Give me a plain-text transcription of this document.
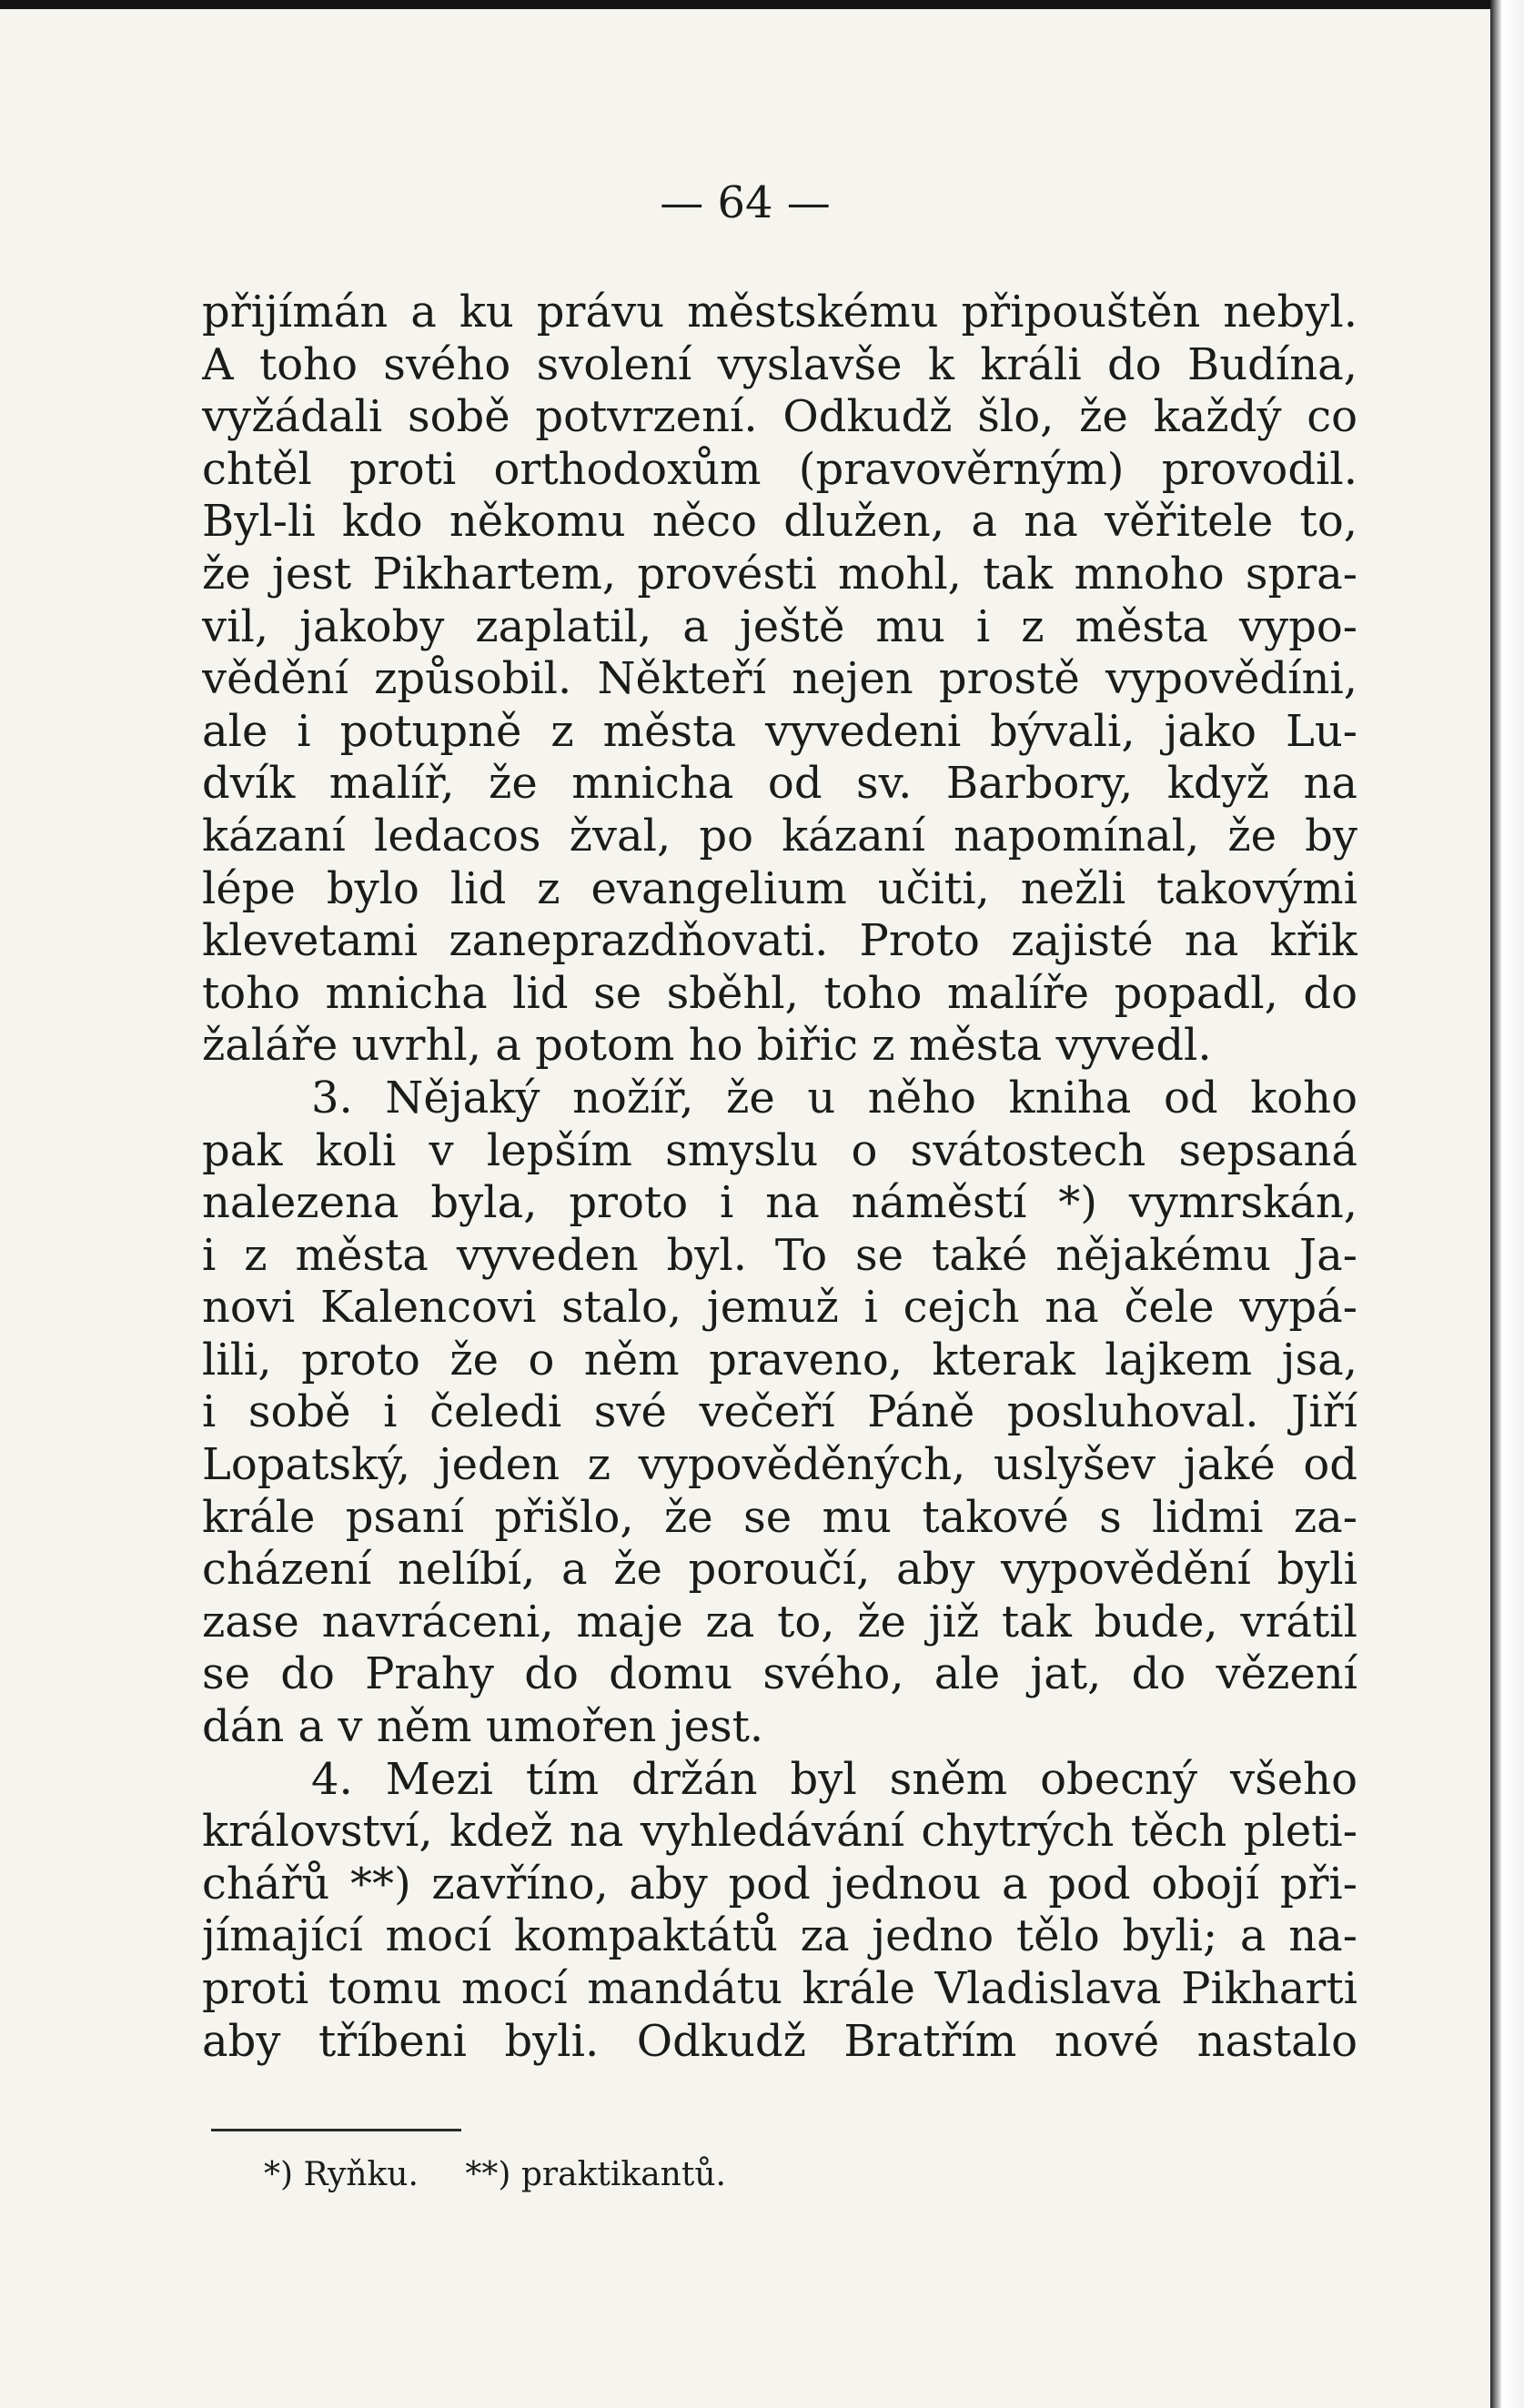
— 64 —
přijímán a ku právu městskému připouštěn nebyl.
A toho svého svolení vyslavše k králi do Budína,
vyžádali sobě potvrzení. Odkudž šlo, že každý co
chtěl proti orthodoxům (pravověrným) provodil.
Byl-li kdo někomu něco dlužen, a na věřitele to,
že jest Pikhartem, provésti mohl, tak mnoho spra-
vil, jakoby zaplatil, a ještě mu i z města vypo-
vědění způsobil. Někteří nejen prostě vypovědíni,
ale i potupně z města vyvedeni bývali, jako Lu-
dvík malíř, že mnicha od sv. Barbory, když na
kázaní ledacos žval, po kázaní napomínal, že by
lépe bylo lid z evangelium učiti, nežli takovými
klevetami zaneprazdňovati. Proto zajisté na křik
toho mnicha lid se sběhl, toho malíře popadl, do
žaláře uvrhl, a potom ho biřic z města vyvedl.
3. Nějaký nožíř, že u něho kniha od koho
pak koli v lepším smyslu o svátostech sepsaná
nalezena byla, proto i na náměstí *) vymrskán,
i z města vyveden byl. To se také nějakému Ja-
novi Kalencovi stalo, jemuž i cejch na čele vypá-
lili, proto že o něm praveno, kterak lajkem jsa,
i sobě i čeledi své večeří Páně posluhoval. Jiří
Lopatský, jeden z vypověděných, uslyšev jaké od
krále psaní přišlo, že se mu takové s lidmi za-
cházení nelíbí, a že poroučí, aby vypovědění byli
zase navráceni, maje za to, že již tak bude, vrátil
se do Prahy do domu svého, ale jat, do vězení
dán a v něm umořen jest.
4. Mezi tím držán byl sněm obecný všeho
království, kdež na vyhledávání chytrých těch pleti-
chářů **) zavříno, aby pod jednou a pod obojí při-
jímající mocí kompaktátů za jedno tělo byli; a na-
proti tomu mocí mandátu krále Vladislava Pikharti
aby tříbeni byli. Odkudž Bratřím nové nastalo
*) Ryňku. **) praktikantů.
